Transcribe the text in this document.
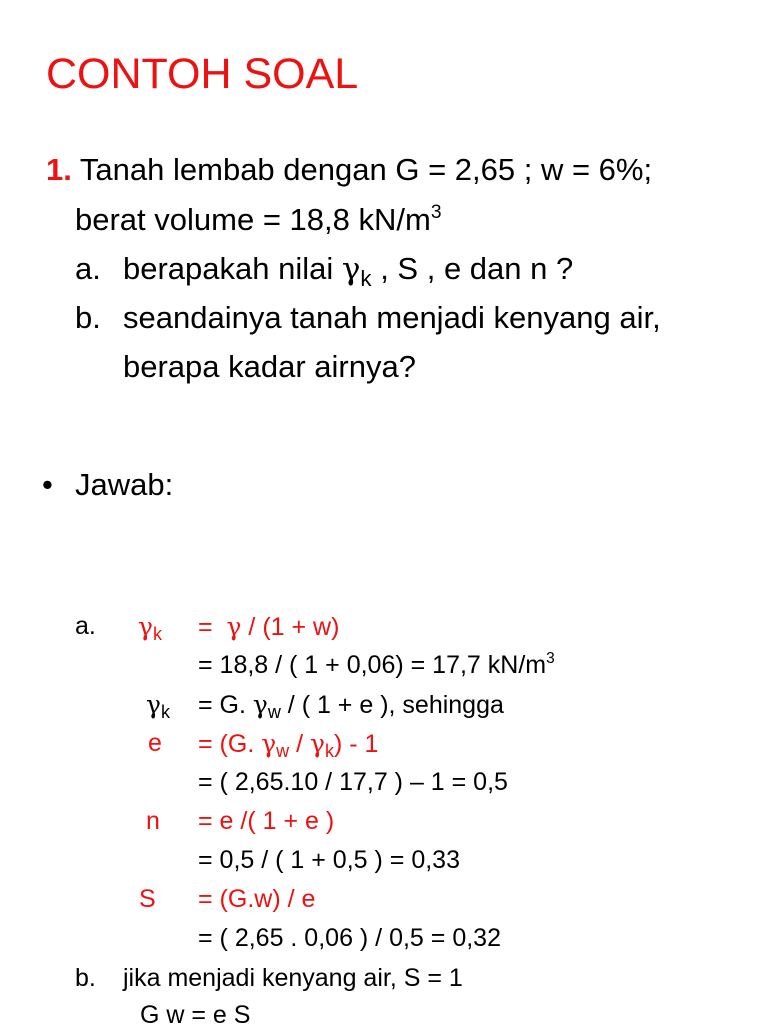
CONTOH SOAL
1. Tanah lembab dengan G = 2,65 ; w = 6%;
berat volume = 18,8 $kN/m^3$
a. berapakah nilai $\gamma_k$ , S , e dan n ?
b. seandainya tanah menjadi kenyang air,
berapa kadar airnya?
• Jawab:
a. $\gamma_k = \gamma / (1 + w)$
= 18,8 / ( 1 + 0,06) = 17,7 $kN/m^3$
$\gamma_k = G$. $\gamma_w$ / ( 1 + e ), sehingga
e = (G. $\gamma_w / \gamma_k) - 1$
= ( 2,65.10 / 17,7 ) – 1 = 0,5
n = e /( 1 + e )
= 0,5 / ( 1 + 0,5 ) = 0,33
S = (G.w) / e
= ( 2,65 . 0,06 ) / 0,5 = 0,32
b. jika menjadi kenyang air, S = 1
G w = e S
